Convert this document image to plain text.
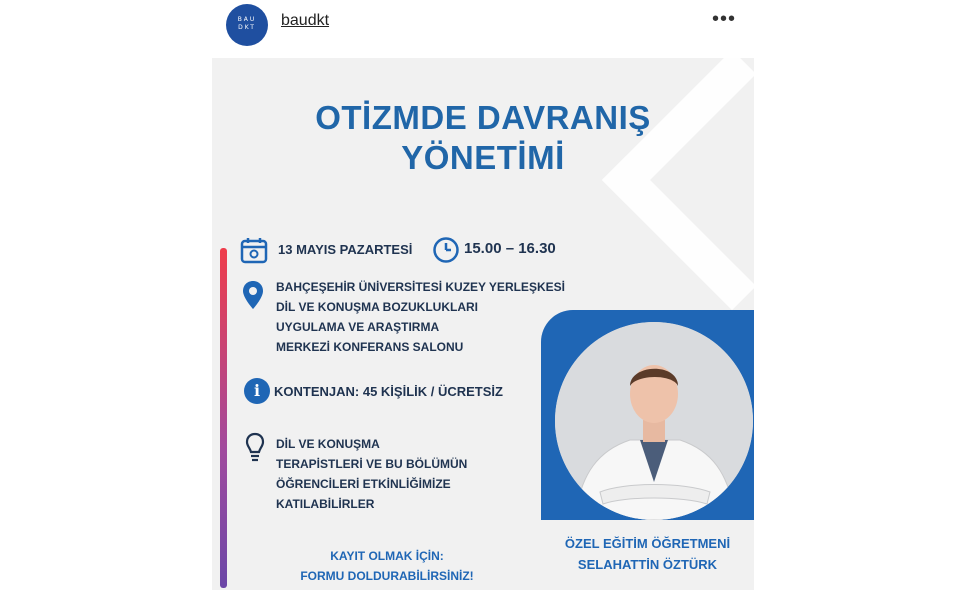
BAU DKT baudkt	•••
OTİZMDE DAVRANIŞ
YÖNETİMİ
13 MAYIS PAZARTESİ	15.00 – 16.30
BAHÇEŞEHİR ÜNİVERSİTESİ KUZEY YERLEŞKESİ
DİL VE KONUŞMA BOZUKLUKLARI
UYGULAMA VE ARAŞTIRMA
MERKEZİ KONFERANS SALONU
i	KONTENJAN: 45 KİŞİLİK / ÜCRETSİZ
DİL VE KONUŞMA
TERAPİSTLERİ VE BU BÖLÜMÜN
ÖĞRENCİLERİ ETKİNLİĞİMİZE
KATILABİLİRLER
KAYIT OLMAK İÇİN:
FORMU DOLDURABİLİRSİNİZ!
ÖZEL EĞİTİM ÖĞRETMENİ
SELAHATTİN ÖZTÜRK
